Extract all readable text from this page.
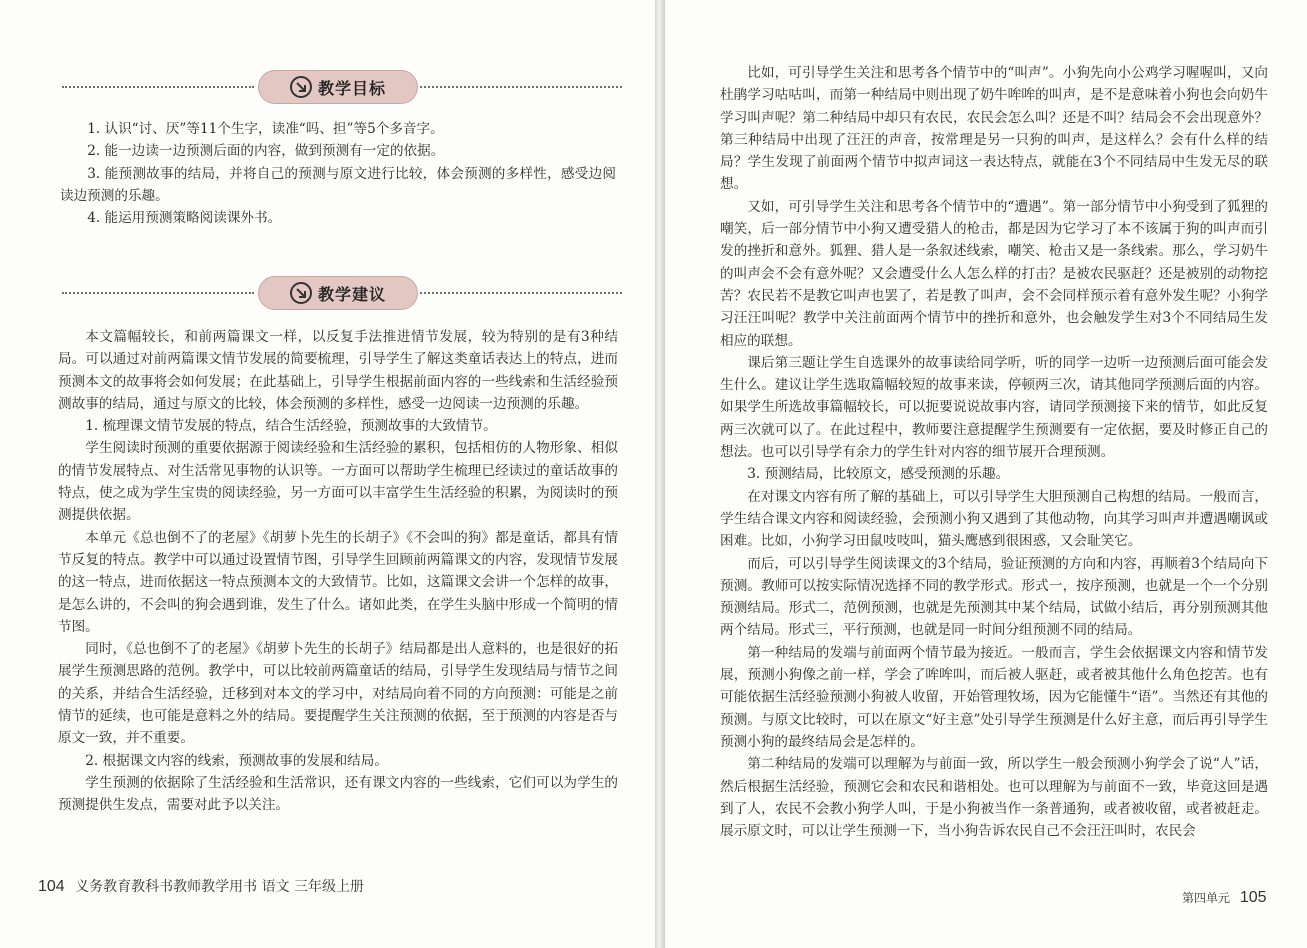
教学目标

1. 认识“讨、厌”等11个生字，读准“吗、担”等5个多音字。

2. 能一边读一边预测后面的内容，做到预测有一定的依据。

3. 能预测故事的结局，并将自己的预测与原文进行比较，体会预测的多样性，感受边阅读边预测的乐趣。

4. 能运用预测策略阅读课外书。

教学建议

本文篇幅较长，和前两篇课文一样，以反复手法推进情节发展，较为特别的是有3种结局。可以通过对前两篇课文情节发展的简要梳理，引导学生了解这类童话表达上的特点，进而预测本文的故事将会如何发展；在此基础上，引导学生根据前面内容的一些线索和生活经验预测故事的结局，通过与原文的比较，体会预测的多样性，感受一边阅读一边预测的乐趣。

1. 梳理课文情节发展的特点，结合生活经验，预测故事的大致情节。

学生阅读时预测的重要依据源于阅读经验和生活经验的累积，包括相仿的人物形象、相似的情节发展特点、对生活常见事物的认识等。一方面可以帮助学生梳理已经读过的童话故事的特点，使之成为学生宝贵的阅读经验，另一方面可以丰富学生生活经验的积累，为阅读时的预测提供依据。

本单元《总也倒不了的老屋》《胡萝卜先生的长胡子》《不会叫的狗》都是童话，都具有情节反复的特点。教学中可以通过设置情节图，引导学生回顾前两篇课文的内容，发现情节发展的这一特点，进而依据这一特点预测本文的大致情节。比如，这篇课文会讲一个怎样的故事，是怎么讲的，不会叫的狗会遇到谁，发生了什么。诸如此类，在学生头脑中形成一个简明的情节图。

同时，《总也倒不了的老屋》《胡萝卜先生的长胡子》结局都是出人意料的，也是很好的拓展学生预测思路的范例。教学中，可以比较前两篇童话的结局，引导学生发现结局与情节之间的关系，并结合生活经验，迁移到对本文的学习中，对结局向着不同的方向预测：可能是之前情节的延续，也可能是意料之外的结局。要提醒学生关注预测的依据，至于预测的内容是否与原文一致，并不重要。

2. 根据课文内容的线索，预测故事的发展和结局。

学生预测的依据除了生活经验和生活常识，还有课文内容的一些线索，它们可以为学生的预测提供生发点，需要对此予以关注。

104 义务教育教科书教师教学用书 语文 三年级上册

比如，可引导学生关注和思考各个情节中的“叫声”。小狗先向小公鸡学习喔喔叫，又向杜鹃学习咕咕叫，而第一种结局中则出现了奶牛哞哞的叫声，是不是意味着小狗也会向奶牛学习叫声呢？第二种结局中却只有农民，农民会怎么叫？还是不叫？结局会不会出现意外？第三种结局中出现了汪汪的声音，按常理是另一只狗的叫声，是这样么？会有什么样的结局？学生发现了前面两个情节中拟声词这一表达特点，就能在3个不同结局中生发无尽的联想。

又如，可引导学生关注和思考各个情节中的“遭遇”。第一部分情节中小狗受到了狐狸的嘲笑，后一部分情节中小狗又遭受猎人的枪击，都是因为它学习了本不该属于狗的叫声而引发的挫折和意外。狐狸、猎人是一条叙述线索，嘲笑、枪击又是一条线索。那么，学习奶牛的叫声会不会有意外呢？又会遭受什么人怎么样的打击？是被农民驱赶？还是被别的动物挖苦？农民若不是教它叫声也罢了，若是教了叫声，会不会同样预示着有意外发生呢？小狗学习汪汪叫呢？教学中关注前面两个情节中的挫折和意外，也会触发学生对3个不同结局生发相应的联想。

课后第三题让学生自选课外的故事读给同学听，听的同学一边听一边预测后面可能会发生什么。建议让学生选取篇幅较短的故事来读，停顿两三次，请其他同学预测后面的内容。如果学生所选故事篇幅较长，可以扼要说说故事内容，请同学预测接下来的情节，如此反复两三次就可以了。在此过程中，教师要注意提醒学生预测要有一定依据，要及时修正自己的想法。也可以引导学有余力的学生针对内容的细节展开合理预测。

3. 预测结局，比较原文，感受预测的乐趣。

在对课文内容有所了解的基础上，可以引导学生大胆预测自己构想的结局。一般而言，学生结合课文内容和阅读经验，会预测小狗又遇到了其他动物，向其学习叫声并遭遇嘲讽或困难。比如，小狗学习田鼠吱吱叫，猫头鹰感到很困惑，又会耻笑它。

而后，可以引导学生阅读课文的3个结局，验证预测的方向和内容，再顺着3个结局向下预测。教师可以按实际情况选择不同的教学形式。形式一，按序预测，也就是一个一个分别预测结局。形式二，范例预测，也就是先预测其中某个结局，试做小结后，再分别预测其他两个结局。形式三，平行预测，也就是同一时间分组预测不同的结局。

第一种结局的发端与前面两个情节最为接近。一般而言，学生会依据课文内容和情节发展，预测小狗像之前一样，学会了哞哞叫，而后被人驱赶，或者被其他什么角色挖苦。也有可能依据生活经验预测小狗被人收留，开始管理牧场，因为它能懂牛“语”。当然还有其他的预测。与原文比较时，可以在原文“好主意”处引导学生预测是什么好主意，而后再引导学生预测小狗的最终结局会是怎样的。

第二种结局的发端可以理解为与前面一致，所以学生一般会预测小狗学会了说“人”话，然后根据生活经验，预测它会和农民和谐相处。也可以理解为与前面不一致，毕竟这回是遇到了人，农民不会教小狗学人叫，于是小狗被当作一条普通狗，或者被收留，或者被赶走。展示原文时，可以让学生预测一下，当小狗告诉农民自己不会汪汪叫时，农民会

第四单元 105
